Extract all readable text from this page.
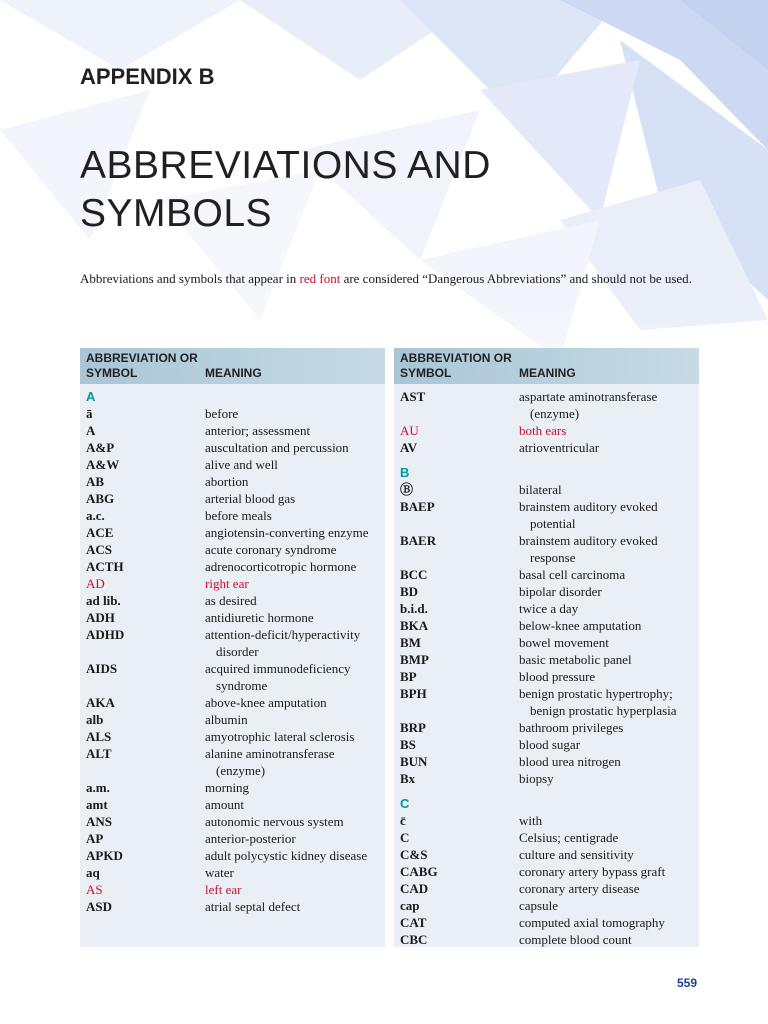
APPENDIX B
ABBREVIATIONS AND SYMBOLS

Abbreviations and symbols that appear in red font are considered “Dangerous Abbreviations” and should not be used.

ABBREVIATION OR SYMBOL	MEANING
A
ā	before
A	anterior; assessment
A&P	auscultation and percussion
A&W	alive and well
AB	abortion
ABG	arterial blood gas
a.c.	before meals
ACE	angiotensin-converting enzyme
ACS	acute coronary syndrome
ACTH	adrenocorticotropic hormone
AD	right ear
ad lib.	as desired
ADH	antidiuretic hormone
ADHD	attention-deficit/hyperactivity disorder
AIDS	acquired immunodeficiency syndrome
AKA	above-knee amputation
alb	albumin
ALS	amyotrophic lateral sclerosis
ALT	alanine aminotransferase (enzyme)
a.m.	morning
amt	amount
ANS	autonomic nervous system
AP	anterior-posterior
APKD	adult polycystic kidney disease
aq	water
AS	left ear
ASD	atrial septal defect
ABBREVIATION OR SYMBOL	MEANING
AST	aspartate aminotransferase (enzyme)
AU	both ears
AV	atrioventricular
B
Ⓑ	bilateral
BAEP	brainstem auditory evoked potential
BAER	brainstem auditory evoked response
BCC	basal cell carcinoma
BD	bipolar disorder
b.i.d.	twice a day
BKA	below-knee amputation
BM	bowel movement
BMP	basic metabolic panel
BP	blood pressure
BPH	benign prostatic hypertrophy; benign prostatic hyperplasia
BRP	bathroom privileges
BS	blood sugar
BUN	blood urea nitrogen
Bx	biopsy
C
c̄	with
C	Celsius; centigrade
C&S	culture and sensitivity
CABG	coronary artery bypass graft
CAD	coronary artery disease
cap	capsule
CAT	computed axial tomography
CBC	complete blood count
559
